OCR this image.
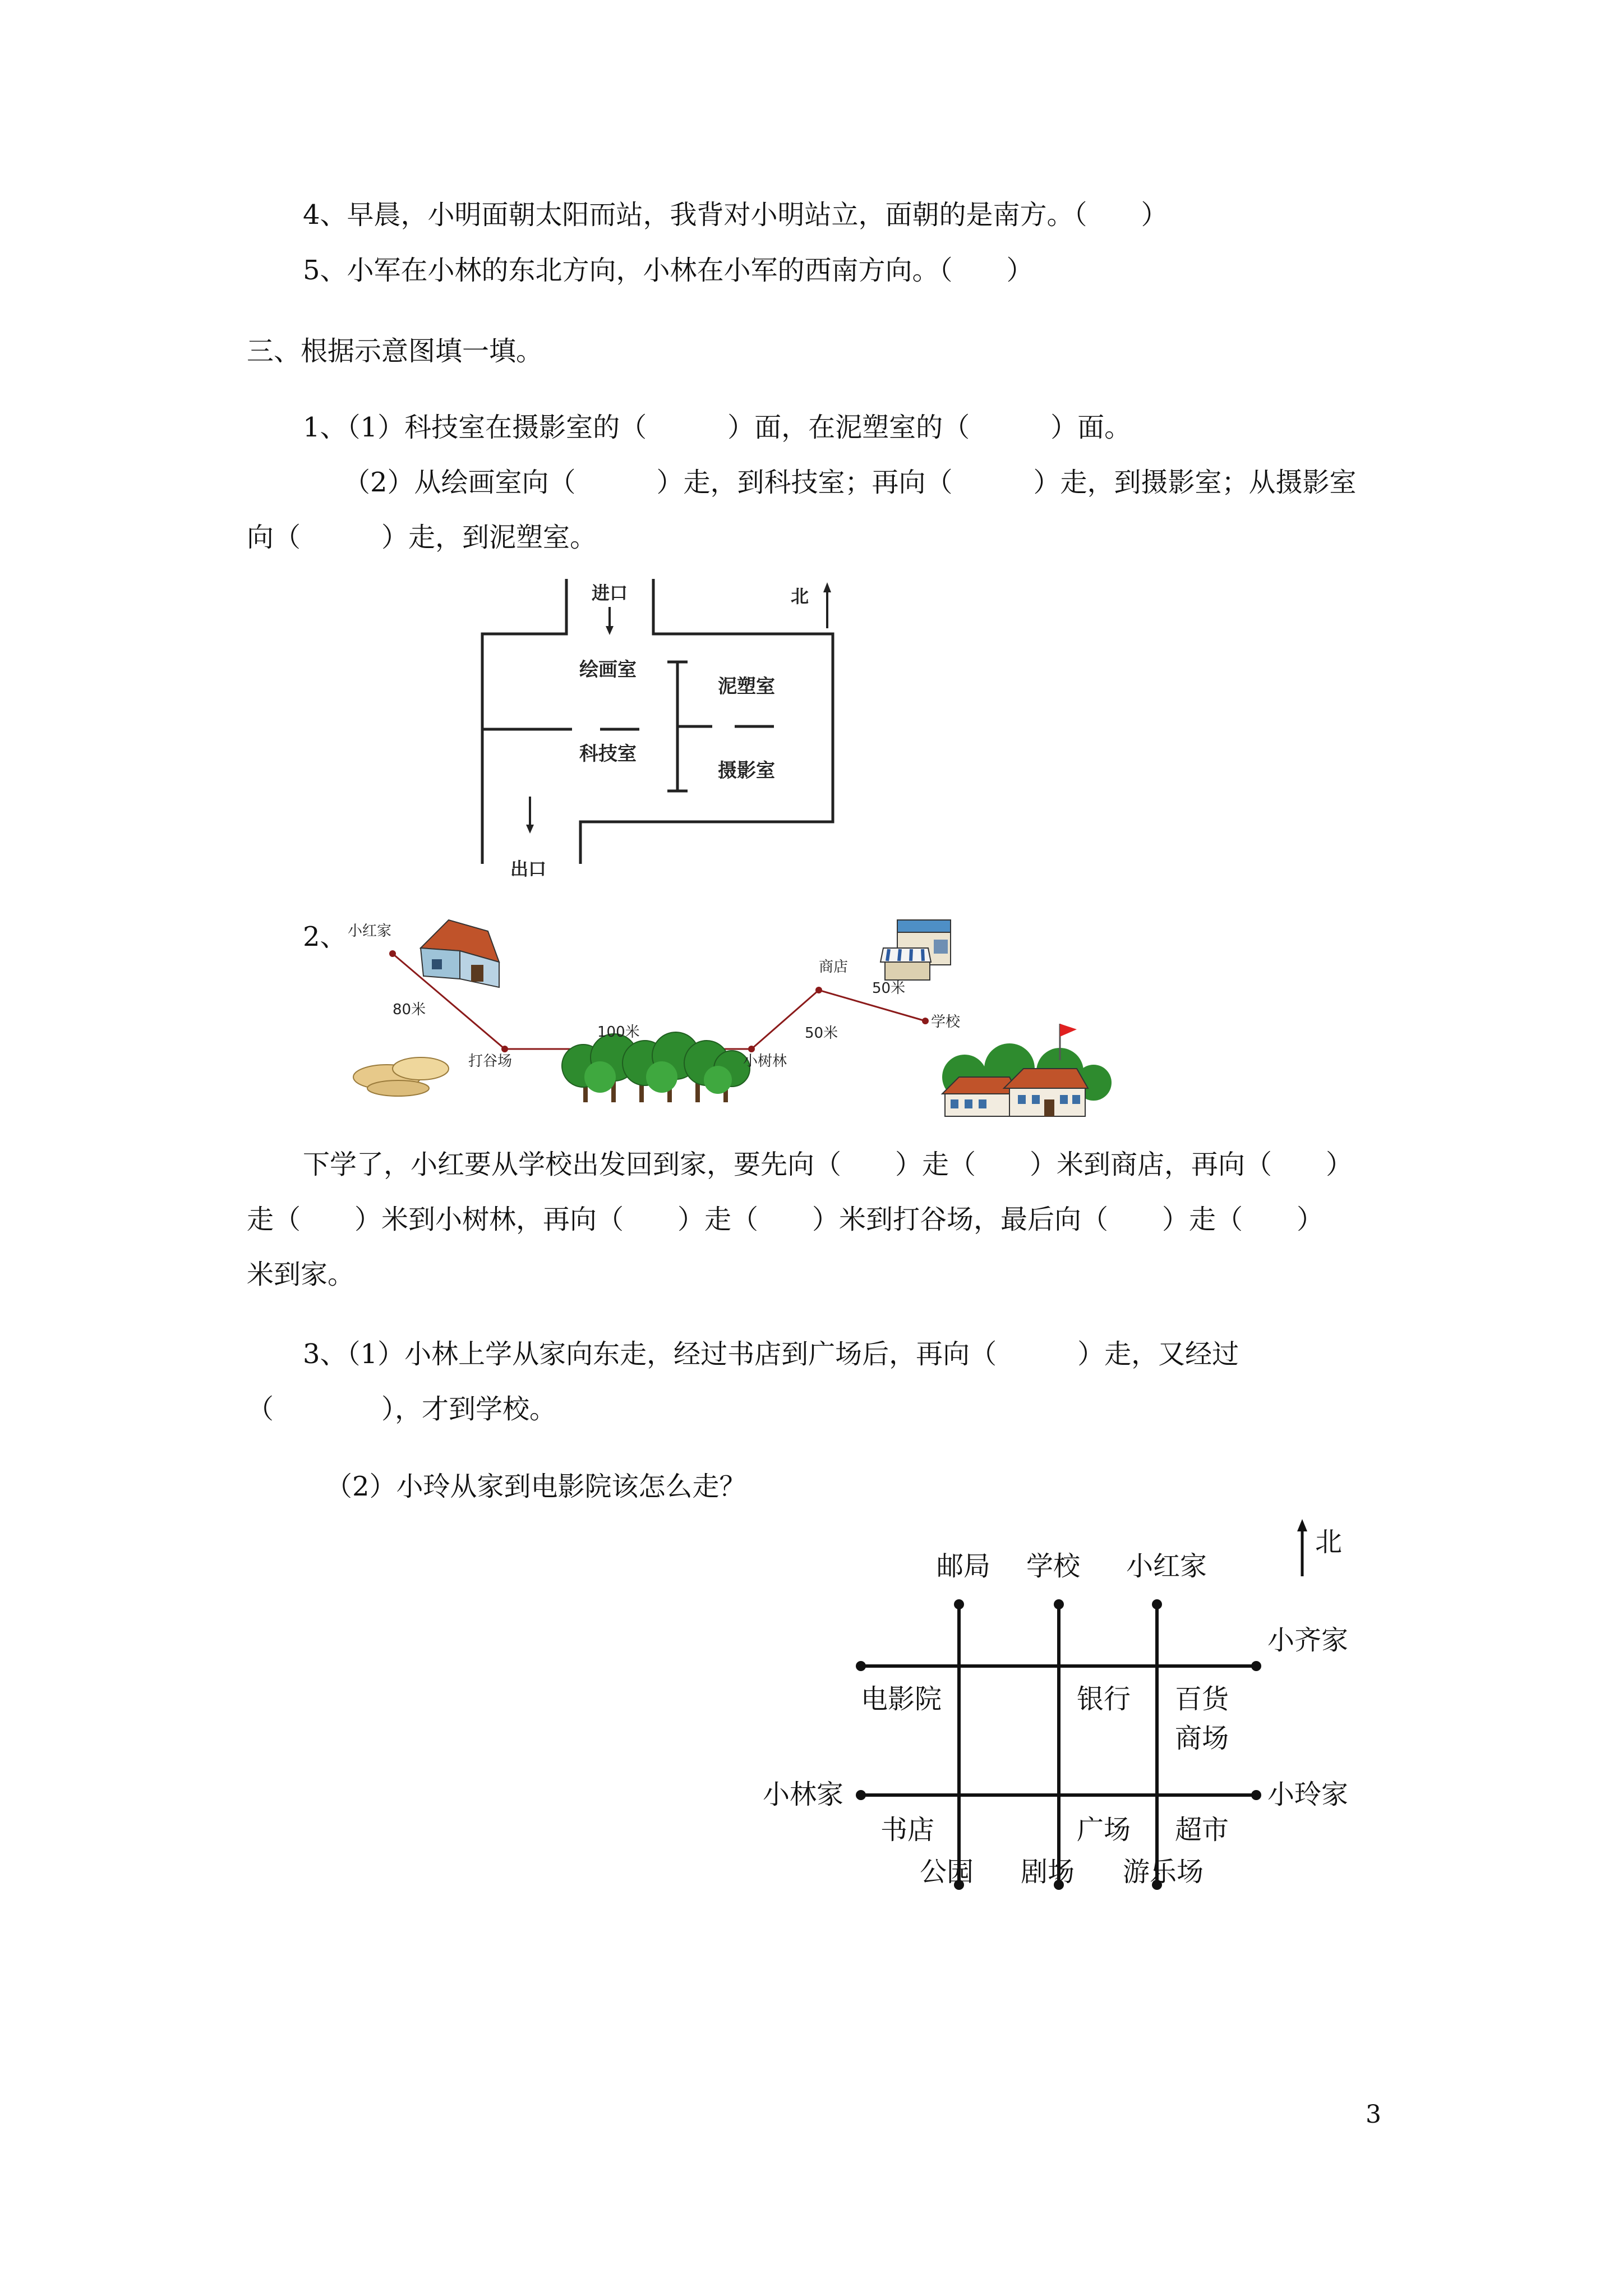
4、早晨，小明面朝太阳而站，我背对小明站立，面朝的是南方。（　　）
5、小军在小林的东北方向，小林在小军的西南方向。（　　）
三、根据示意图填一填。
1、（1）科技室在摄影室的（　　　）面，在泥塑室的（　　　）面。
（2）从绘画室向（　　　）走，到科技室；再向（　　　）走，到摄影室；从摄影室
向（　　　）走，到泥塑室。
进口
出口
北
绘画室
泥塑室
科技室
摄影室
2、 小红家
80米
打谷场
100米
小树林
50米
商店
50米
学校
下学了，小红要从学校出发回到家，要先向（　　）走（　　）米到商店，再向（　　）
走（　　）米到小树林，再向（　　）走（　　）米到打谷场，最后向（　　）走（　　）
米到家。
3、（1）小林上学从家向东走，经过书店到广场后，再向（　　　）走，又经过
（　　　　），才到学校。
（2）小玲从家到电影院该怎么走？
北
邮局 学校 小红家
小齐家
电影院	银行 百货
商场
小林家	小玲家
书店	广场 超市
公园 剧场 游乐场
3
